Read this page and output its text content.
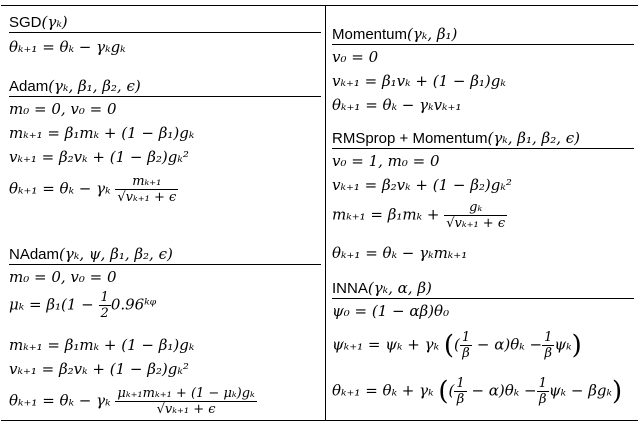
SGD(γₖ)
θₖ₊₁ = θₖ − γₖgₖ
Adam(γₖ, β₁, β₂, ϵ)
m₀ = 0, v₀ = 0
mₖ₊₁ = β₁mₖ + (1 − β₁)gₖ
vₖ₊₁ = β₂vₖ + (1 − β₂)gₖ²
θₖ₊₁ = θₖ − γₖ $\frac{\text{mₖ₊₁}}{\text{√vₖ₊₁ + ϵ}}$
NAdam(γₖ, ψ, β₁, β₂, ϵ)
m₀ = 0, v₀ = 0
$\mu_k = \beta_1(1 - \frac{1}{2}$ 0.96ᵏᵠ
mₖ₊₁ = β₁mₖ + (1 − β₁)gₖ
vₖ₊₁ = β₂vₖ + (1 − β₂)gₖ²
θₖ₊₁ = θₖ − γₖ $\frac{\text{μₖ₊₁mₖ₊₁ + (1 − μₖ)gₖ}}{\text{√vₖ₊₁ + ϵ}}$
Momentum(γₖ, β₁)
v₀ = 0
vₖ₊₁ = β₁vₖ + (1 − β₁)gₖ
θₖ₊₁ = θₖ − γₖvₖ₊₁
RMSprop + Momentum(γₖ, β₁, β₂, ϵ)
v₀ = 1, m₀ = 0
vₖ₊₁ = β₂vₖ + (1 − β₂)gₖ²
$m_{k+1} = \beta_1m_k + \frac{\text{gₖ}}{\text{√vₖ₊₁ + ϵ}}$
θₖ₊₁ = θₖ − γₖmₖ₊₁
INNA(γₖ, α, β)
ψ₀ = (1 − αβ)θ₀
ψₖ₊₁ = ψₖ + γₖ (( $\frac{1}{\beta} - \alpha)\theta_k - \frac{1}{\beta} \psi_k$)
θₖ₊₁ = θₖ + γₖ (( $\frac{1}{\beta} - \alpha)\theta_k - \frac{1}{\beta}$ ψₖ − βgₖ)
